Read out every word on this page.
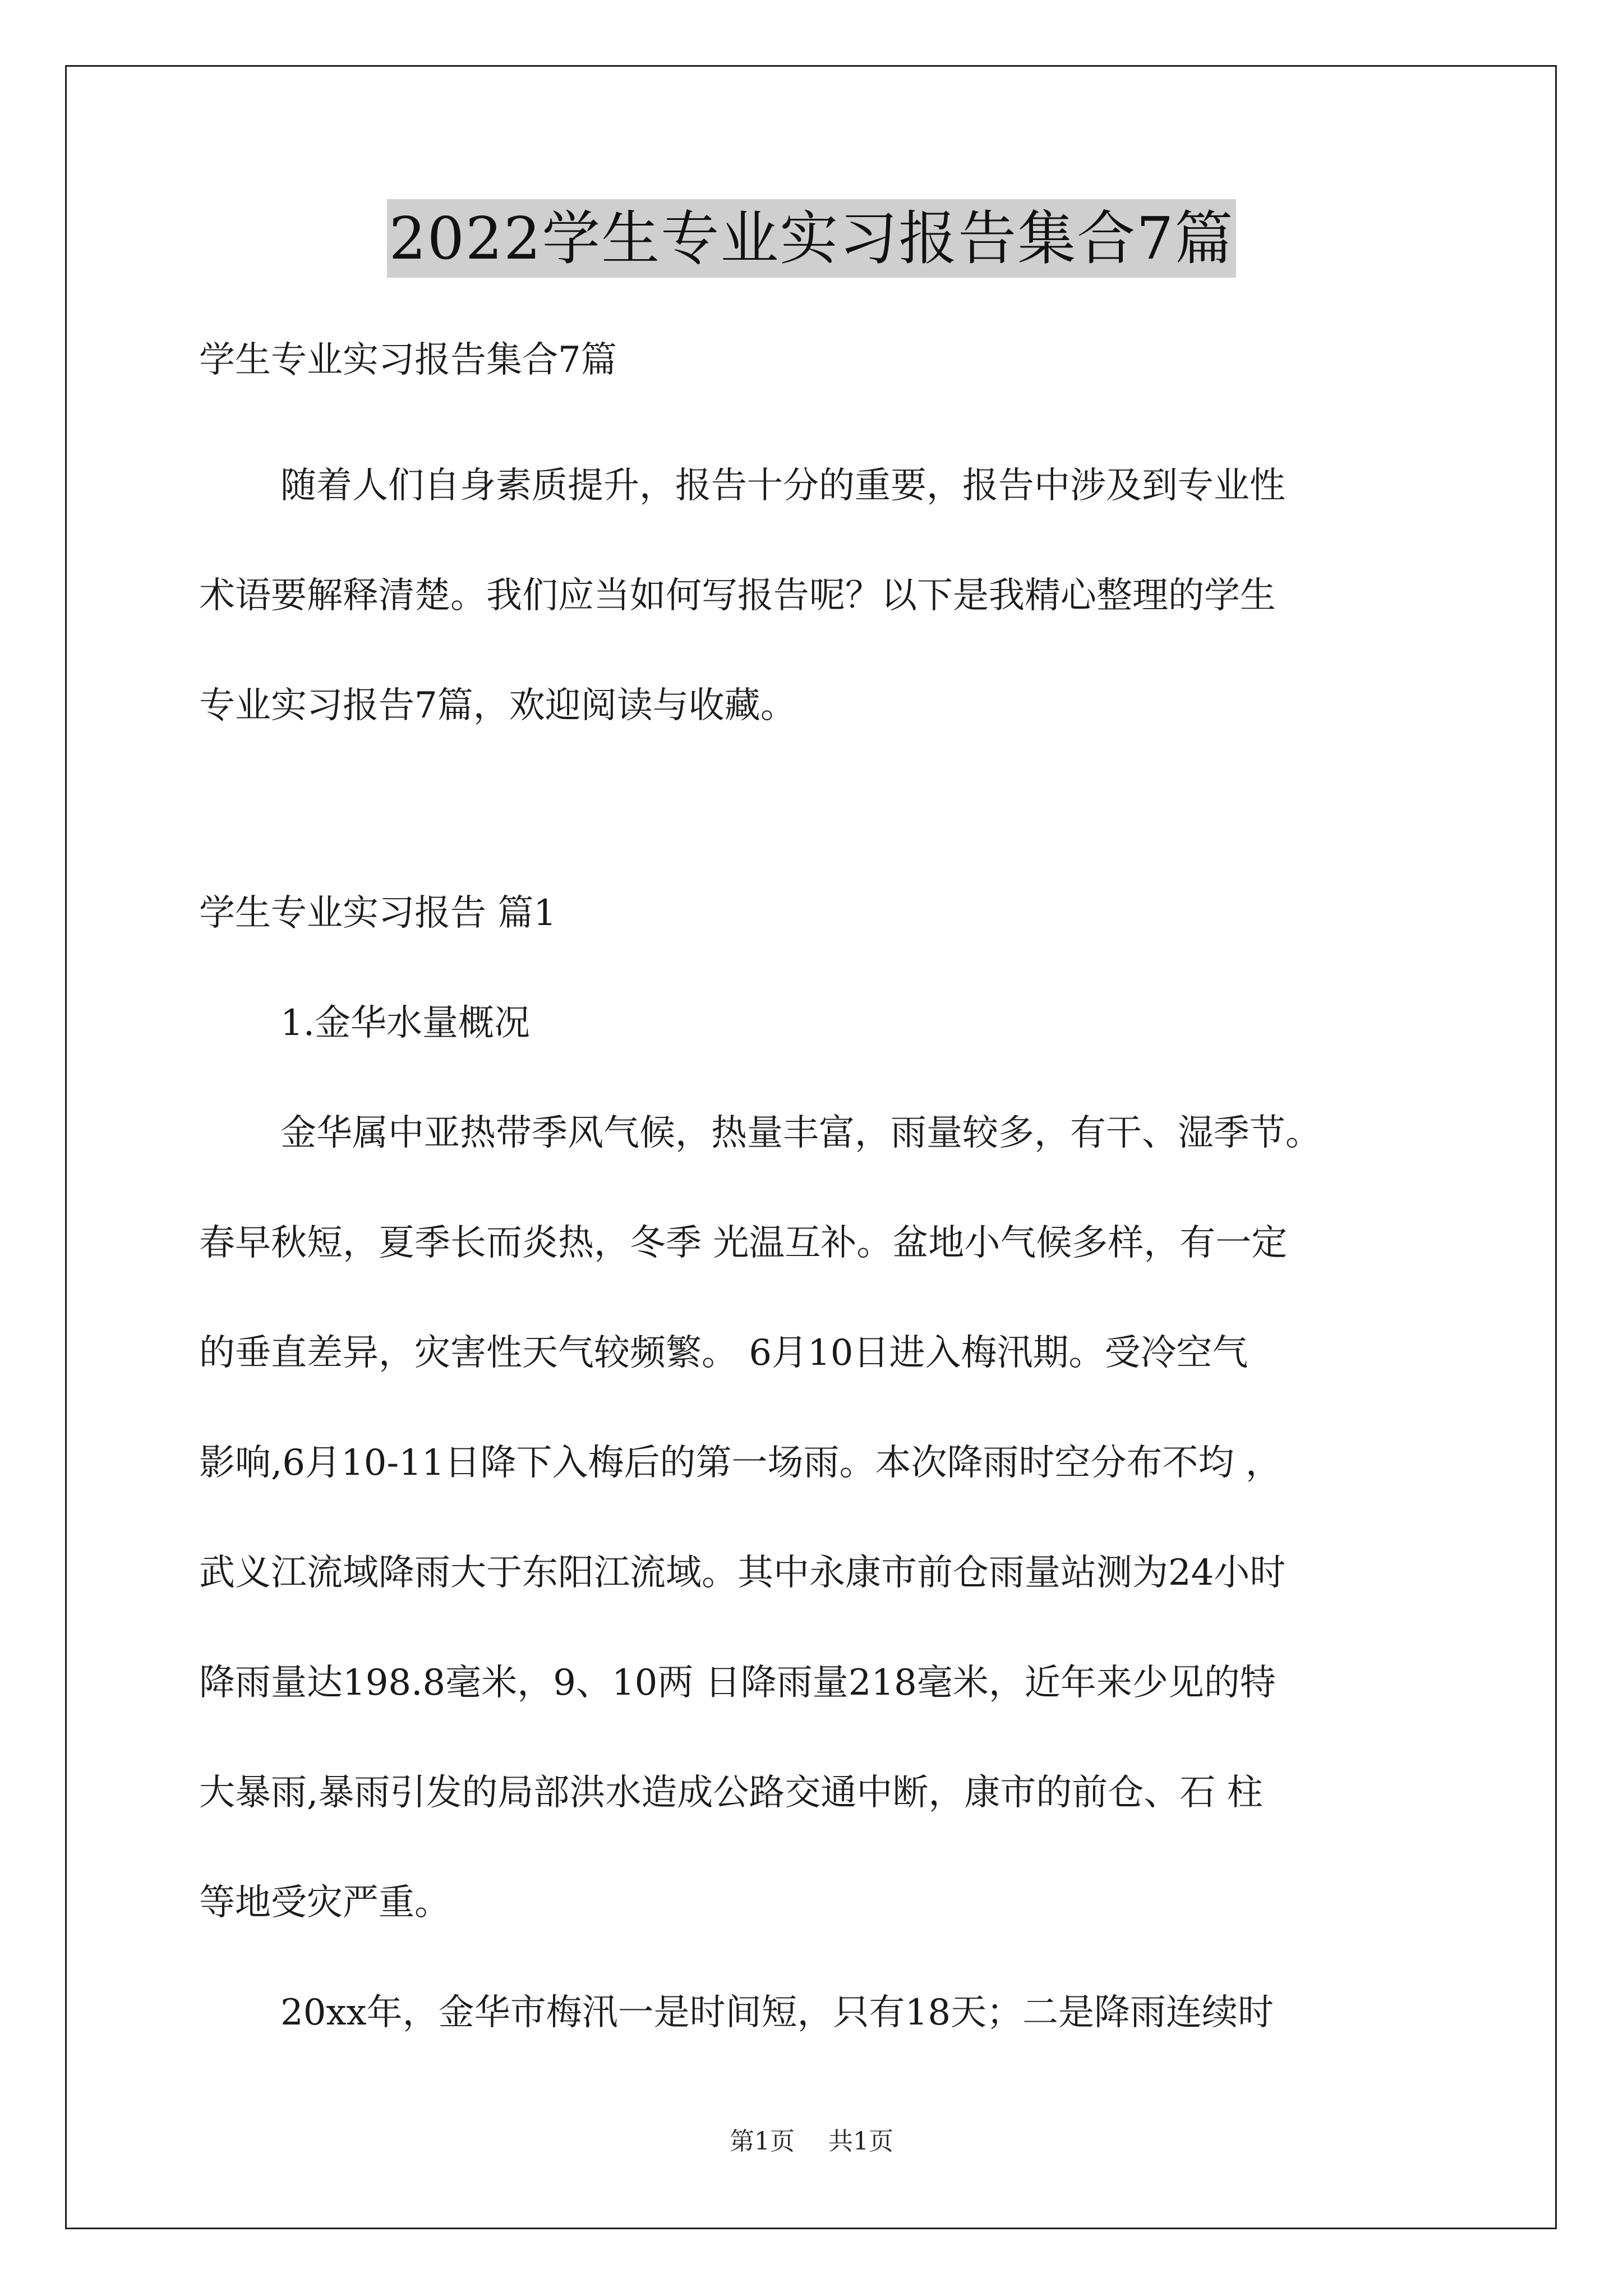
2022学生专业实习报告集合7篇
学生专业实习报告集合7篇
随着人们自身素质提升，报告十分的重要，报告中涉及到专业性
术语要解释清楚。我们应当如何写报告呢？以下是我精心整理的学生
专业实习报告7篇，欢迎阅读与收藏。
学生专业实习报告 篇1
1.金华水量概况
金华属中亚热带季风气候，热量丰富，雨量较多，有干、湿季节。
春早秋短，夏季长而炎热，冬季 光温互补。盆地小气候多样，有一定
的垂直差异，灾害性天气较频繁。 6月10日进入梅汛期。受冷空气
影响,6月10-11日降下入梅后的第一场雨。本次降雨时空分布不均 ，
武义江流域降雨大于东阳江流域。其中永康市前仓雨量站测为24小时
降雨量达198.8毫米，9、10两 日降雨量218毫米，近年来少见的特
大暴雨,暴雨引发的局部洪水造成公路交通中断，康市的前仓、石 柱
等地受灾严重。
20xx年，金华市梅汛一是时间短，只有18天；二是降雨连续时
第1页 共1页
